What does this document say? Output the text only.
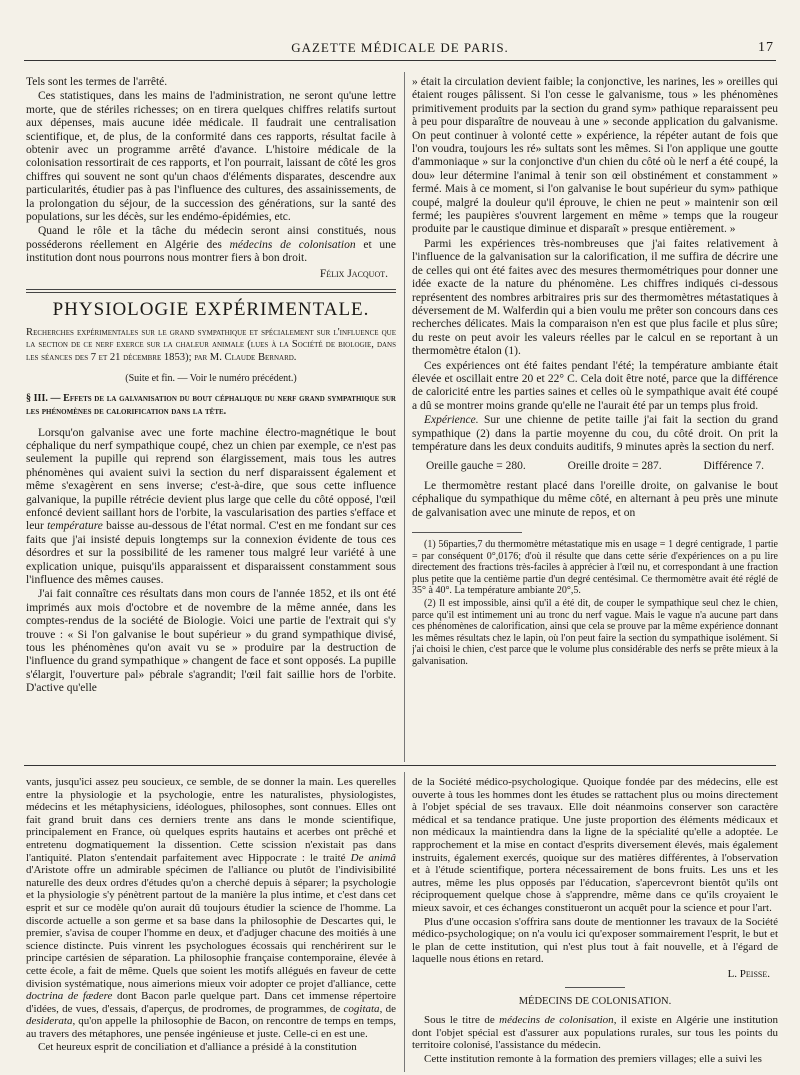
GAZETTE MÉDICALE DE PARIS.	17

Tels sont les termes de l'arrêté.

Ces statistiques, dans les mains de l'administration, ne seront qu'une lettre morte, que de stériles richesses; on en tirera quelques chiffres relatifs surtout aux dépenses, mais aucune idée médicale. Il faudrait une centralisation scientifique, et, de plus, de la conformité dans ces rapports, résultat facile à obtenir avec un programme arrêté d'avance. L'histoire médicale de la colonisation ressortirait de ces rapports, et l'on pourrait, laissant de côté les gros chiffres qui souvent ne sont qu'un chaos d'éléments disparates, descendre aux particularités, étudier pas à pas l'influence des cultures, des assainissements, de la prolongation du séjour, de la succession des générations, sur la santé des populations, sur les décès, sur les endémo-épidémies, etc.

Quand le rôle et la tâche du médecin seront ainsi constitués, nous posséderons réellement en Algérie des médecins de colonisation et une institution dont nous pourrons nous montrer fiers à bon droit.

Félix Jacquot.

PHYSIOLOGIE EXPÉRIMENTALE.

Recherches expérimentales sur le grand sympathique et spécialement sur l'influence que la section de ce nerf exerce sur la chaleur animale (lues à la Société de biologie, dans les séances des 7 et 21 décembre 1853); par M. Claude Bernard.

(Suite et fin. — Voir le numéro précédent.)

§ III. — Effets de la galvanisation du bout céphalique du nerf grand sympathique sur les phénomènes de calorification dans la tête.

Lorsqu'on galvanise avec une forte machine électro-magnétique le bout céphalique du nerf sympathique coupé, chez un chien par exemple, ce n'est pas seulement la pupille qui reprend son élargissement, mais tous les autres phénomènes qui avaient suivi la section du nerf disparaissent également et même s'exagèrent en sens inverse; c'est-à-dire, que sous cette influence galvanique, la pupille rétrécie devient plus large que celle du côté opposé, l'œil enfoncé devient saillant hors de l'orbite, la vascularisation des parties s'efface et leur température baisse au-dessous de l'état normal. C'est en me fondant sur ces faits que j'ai insisté depuis longtemps sur la connexion évidente de tous ces désordres et sur la possibilité de les ramener tous malgré leur variété à une explication unique, puisqu'ils apparaissent et disparaissent constamment sous l'influence des mêmes causes.

J'ai fait connaître ces résultats dans mon cours de l'année 1852, et ils ont été imprimés aux mois d'octobre et de novembre de la même année, dans les comptes-rendus de la société de Biologie. Voici une partie de l'extrait qui s'y trouve : « Si l'on galvanise le bout supérieur » du grand sympathique divisé, tous les phénomènes qu'on avait vu se » produire par la destruction de l'influence du grand sympathique » changent de face et sont opposés. La pupille s'élargit, l'ouverture pal» pébrale s'agrandit; l'œil fait saillie hors de l'orbite. D'active qu'elle

» était la circulation devient faible; la conjonctive, les narines, les » oreilles qui étaient rouges pâlissent. Si l'on cesse le galvanisme, tous » les phénomènes primitivement produits par la section du grand sym» pathique reparaissent peu à peu pour disparaître de nouveau à une » seconde application du galvanisme. On peut continuer à volonté cette » expérience, la répéter autant de fois que l'on voudra, toujours les ré» sultats sont les mêmes. Si l'on applique une goutte d'ammoniaque » sur la conjonctive d'un chien du côté où le nerf a été coupé, la dou» leur détermine l'animal à tenir son œil obstinément et constamment » fermé. Mais à ce moment, si l'on galvanise le bout supérieur du sym» pathique coupé, malgré la douleur qu'il éprouve, le chien ne peut » maintenir son œil fermé; les paupières s'ouvrent largement en même » temps que la rougeur produite par le caustique diminue et disparaît » presque entièrement. »

Parmi les expériences très-nombreuses que j'ai faites relativement à l'influence de la galvanisation sur la calorification, il me suffira de décrire une de celles qui ont été faites avec des mesures thermométriques pour donner une idée exacte de la nature du phénomène. Les chiffres indiqués ci-dessous représentent des nombres arbitraires pris sur des thermomètres métastatiques à déversement de M. Walferdin qui a bien voulu me prêter son concours dans ces recherches délicates. Mais la comparaison n'en est que plus facile et plus sûre; du reste on peut avoir les valeurs réelles par le calcul en se reportant à un thermomètre étalon (1).

Ces expériences ont été faites pendant l'été; la température ambiante était élevée et oscillait entre 20 et 22° C. Cela doit être noté, parce que la différence de caloricité entre les parties saines et celles où le sympathique avait été coupé a dû se montrer moins grande qu'elle ne l'aurait été par un temps plus froid.

Expérience. Sur une chienne de petite taille j'ai fait la section du grand sympathique (2) dans la partie moyenne du cou, du côté droit. On prit la température dans les deux conduits auditifs, 9 minutes après la section du nerf.

Oreille gauche = 280.	Oreille droite = 287.	Différence 7.

Le thermomètre restant placé dans l'oreille droite, on galvanise le bout céphalique du sympathique du même côté, en alternant à peu près une minute de galvanisation avec une minute de repos, et on

(1) 56parties,7 du thermomètre métastatique mis en usage = 1 degré centigrade, 1 partie = par conséquent 0°,0176; d'où il résulte que dans cette série d'expériences on a pu lire directement des fractions très-faciles à apprécier à l'œil nu, et correspondant à une fraction plus petite que la centième partie d'un degré centésimal. Ce thermomètre avait été réglé de 35° à 40°. La température ambiante 20°,5.

(2) Il est impossible, ainsi qu'il a été dit, de couper le sympathique seul chez le chien, parce qu'il est intimement uni au tronc du nerf vague. Mais le vague n'a aucune part dans ces phénomènes de calorification, ainsi que cela se prouve par la même expérience donnant les mêmes résultats chez le lapin, où l'on peut faire la section du sympathique isolément. Si j'ai choisi le chien, c'est parce que le volume plus considérable des nerfs se prête mieux à la galvanisation.

vants, jusqu'ici assez peu soucieux, ce semble, de se donner la main. Les querelles entre la physiologie et la psychologie, entre les naturalistes, physiologistes, médecins et les métaphysiciens, idéologues, philosophes, sont connues. Elles ont fait grand bruit dans ces derniers trente ans dans le monde scientifique, principalement en France, où quelques esprits hautains et acerbes ont prêché et entretenu dogmatiquement la dissention. Cette scission n'existait pas dans l'antiquité. Platon s'entendait parfaitement avec Hippocrate : le traité De animâ d'Aristote offre un admirable spécimen de l'alliance ou plutôt de l'indivisibilité naturelle des deux ordres d'études qu'on a cherché depuis à séparer; la psychologie et la physiologie s'y pénètrent partout de la manière la plus intime, et c'est dans cet esprit et sur ce modèle qu'on aurait dû toujours étudier la science de l'homme. La discorde actuelle a son germe et sa base dans la philosophie de Descartes qui, le premier, s'avisa de couper l'homme en deux, et d'adjuger chacune des moitiés à une science distincte. Puis vinrent les psychologues écossais qui renchérirent sur le principe cartésien de séparation. La philosophie française contemporaine, élevée à cette école, a fait de même. Quels que soient les motifs allégués en faveur de cette division systématique, nous aimerions mieux voir adopter ce projet d'alliance, cette doctrina de fædere dont Bacon parle quelque part. Dans cet immense répertoire d'idées, de vues, d'essais, d'aperçus, de prodromes, de programmes, de cogitata, de desiderata, qu'on appelle la philosophie de Bacon, on rencontre de temps en temps, au travers des métaphores, une pensée ingénieuse et juste. Celle-ci en est une.

Cet heureux esprit de conciliation et d'alliance a présidé à la constitution

de la Société médico-psychologique. Quoique fondée par des médecins, elle est ouverte à tous les hommes dont les études se rattachent plus ou moins directement à l'objet spécial de ses travaux. Elle doit néanmoins conserver son caractère médical et sa tendance pratique. Une juste proportion des éléments médicaux et non médicaux la maintiendra dans la ligne de la spécialité qu'elle a adoptée. Le rapprochement et la mise en contact d'esprits diversement élevés, mais également instruits, également exercés, quoique sur des matières différentes, à l'observation et à l'étude scientifique, portera nécessairement de bons fruits. Les uns et les autres, même les plus opposés par l'éducation, s'apercevront bientôt qu'ils ont réciproquement quelque chose à s'apprendre, même dans ce qu'ils croyaient le mieux savoir, et ces échanges constitueront un acquêt pour la science et pour l'art.

Plus d'une occasion s'offrira sans doute de mentionner les travaux de la Société médico-psychologique; on n'a voulu ici qu'exposer sommairement l'esprit, le but et le plan de cette institution, qui n'est plus tout à fait nouvelle, et à l'égard de laquelle nous étions en retard.

L. Peisse.

MÉDECINS DE COLONISATION.

Sous le titre de médecins de colonisation, il existe en Algérie une institution dont l'objet spécial est d'assurer aux populations rurales, sur tous les points du territoire colonisé, l'assistance du médecin.

Cette institution remonte à la formation des premiers villages; elle a suivi les
